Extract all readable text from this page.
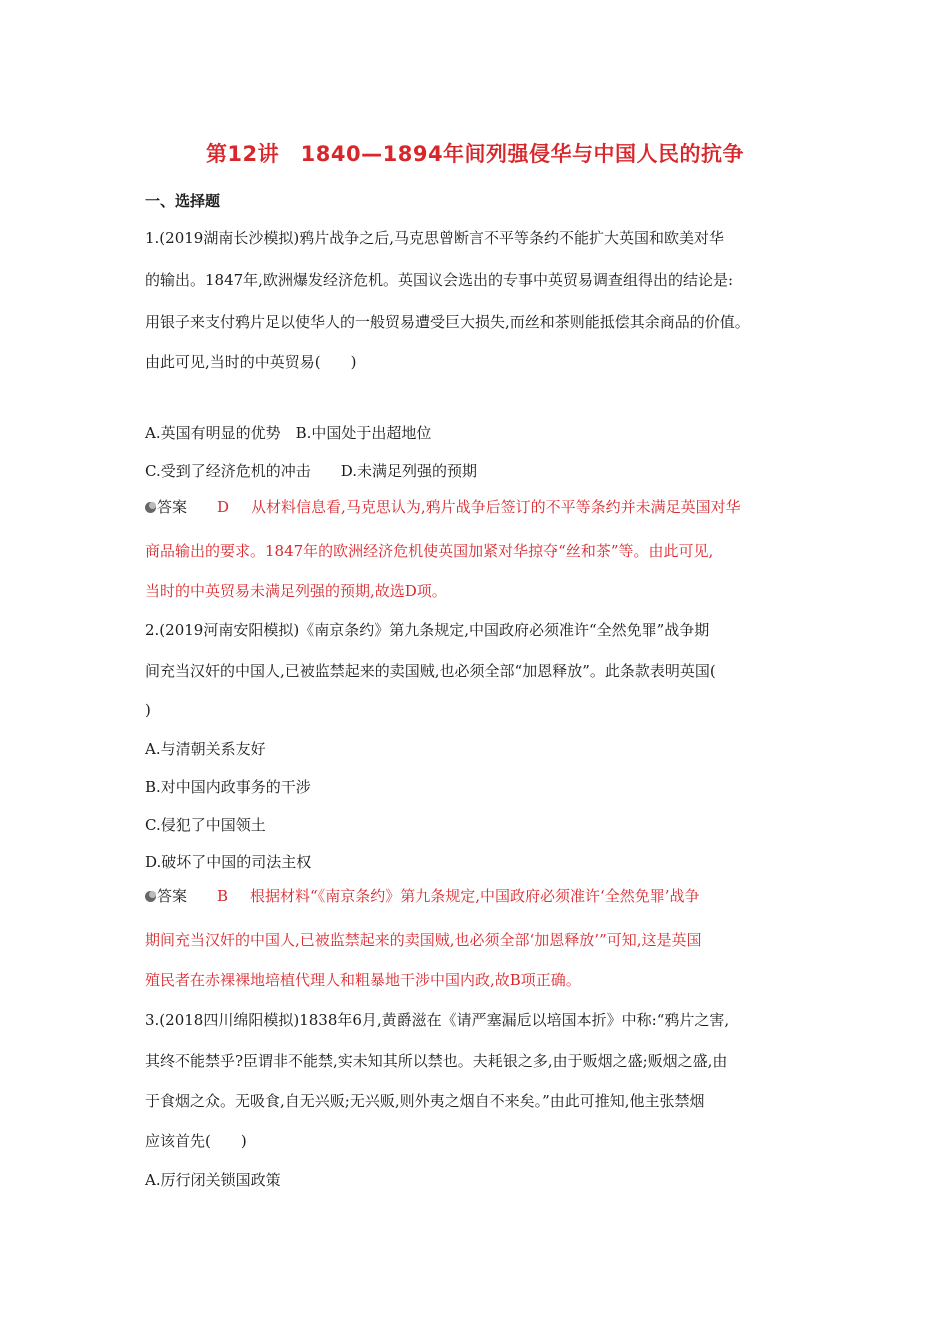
第12讲　1840—1894年间列强侵华与中国人民的抗争
一、选择题
1.(2019湖南长沙模拟)鸦片战争之后,马克思曾断言不平等条约不能扩大英国和欧美对华
的输出。1847年,欧洲爆发经济危机。英国议会选出的专事中英贸易调查组得出的结论是:
用银子来支付鸦片足以使华人的一般贸易遭受巨大损失,而丝和茶则能抵偿其余商品的价值。
由此可见,当时的中英贸易(　　)
A.英国有明显的优势　B.中国处于出超地位
C.受到了经济危机的冲击　　D.未满足列强的预期
答案 D 从材料信息看,马克思认为,鸦片战争后签订的不平等条约并未满足英国对华
商品输出的要求。1847年的欧洲经济危机使英国加紧对华掠夺“丝和茶”等。由此可见,
当时的中英贸易未满足列强的预期,故选D项。
2.(2019河南安阳模拟)《南京条约》第九条规定,中国政府必须准许“全然免罪”战争期
间充当汉奸的中国人,已被监禁起来的卖国贼,也必须全部“加恩释放”。此条款表明英国(
)
A.与清朝关系友好
B.对中国内政事务的干涉
C.侵犯了中国领土
D.破坏了中国的司法主权
答案 B 根据材料“《南京条约》第九条规定,中国政府必须准许‘全然免罪’战争
期间充当汉奸的中国人,已被监禁起来的卖国贼,也必须全部‘加恩释放’”可知,这是英国
殖民者在赤裸裸地培植代理人和粗暴地干涉中国内政,故B项正确。
3.(2018四川绵阳模拟)1838年6月,黄爵滋在《请严塞漏卮以培国本折》中称:“鸦片之害,
其终不能禁乎?臣谓非不能禁,实未知其所以禁也。夫耗银之多,由于贩烟之盛;贩烟之盛,由
于食烟之众。无吸食,自无兴贩;无兴贩,则外夷之烟自不来矣。”由此可推知,他主张禁烟
应该首先(　　)
A.厉行闭关锁国政策
